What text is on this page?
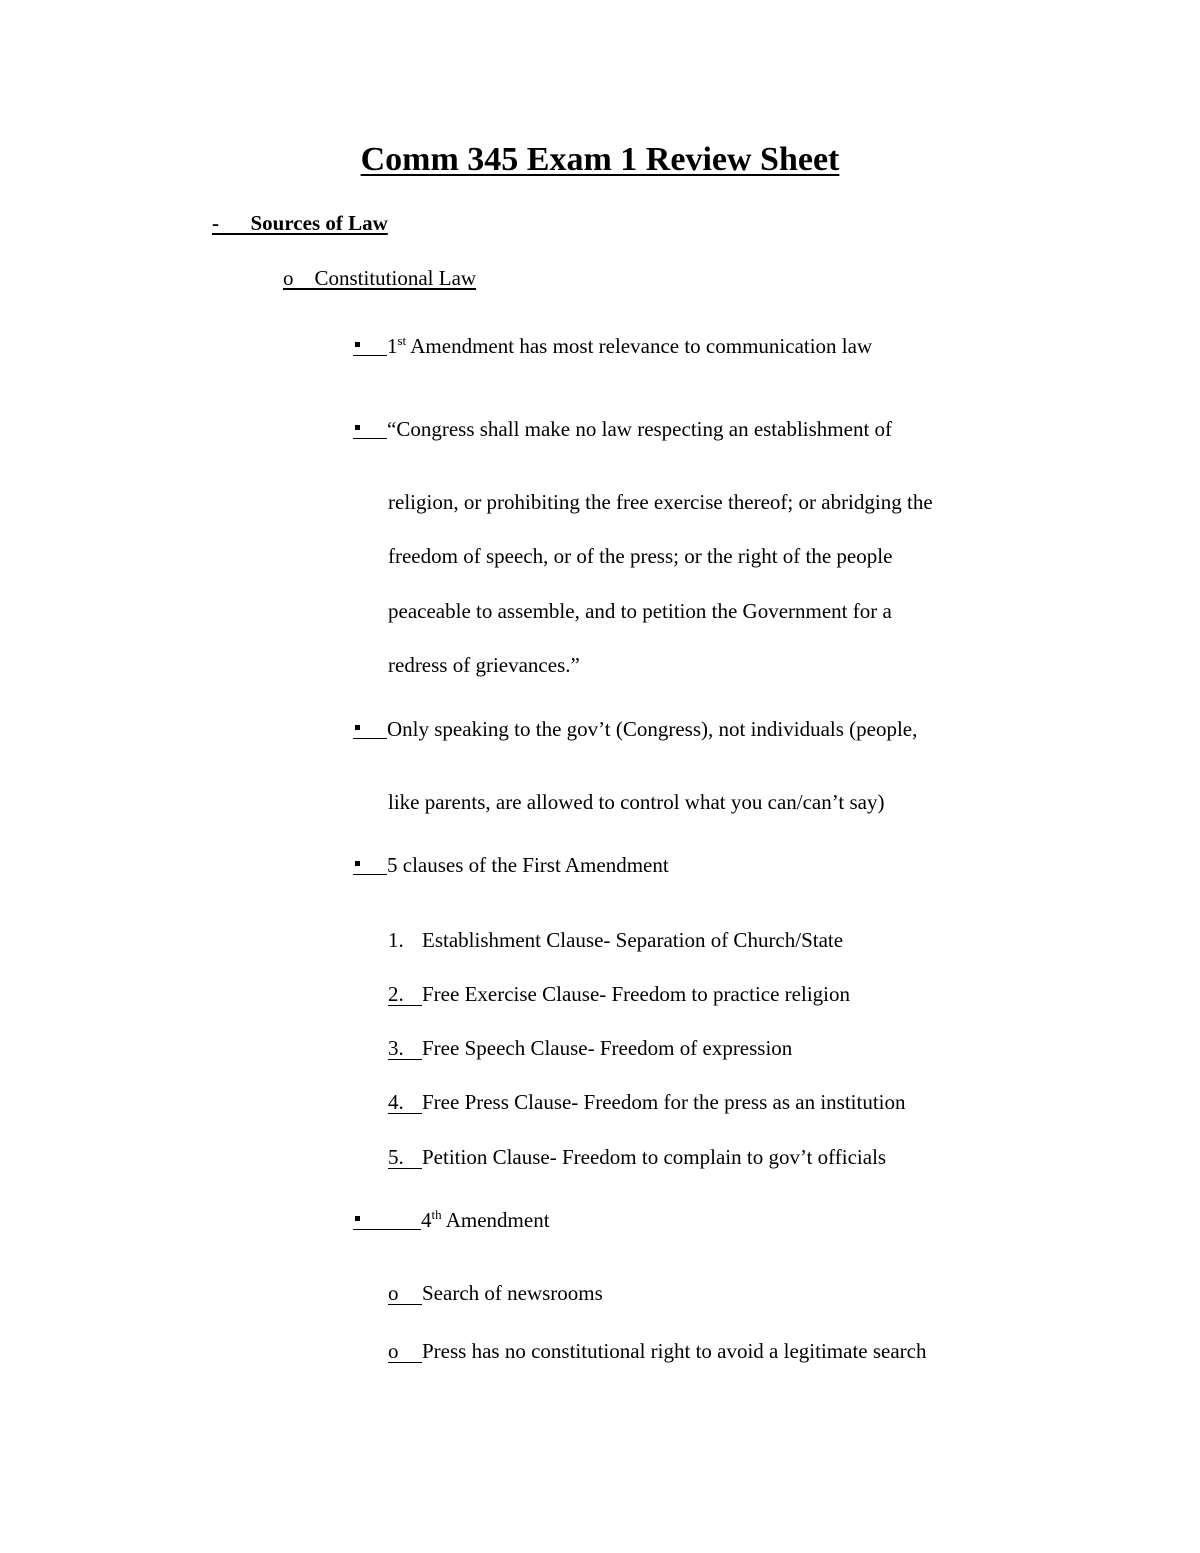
Comm 345 Exam 1 Review Sheet
- Sources of Law
o Constitutional Law
1st Amendment has most relevance to communication law
“Congress shall make no law respecting an establishment of
religion, or prohibiting the free exercise thereof; or abridging the
freedom of speech, or of the press; or the right of the people
peaceable to assemble, and to petition the Government for a
redress of grievances.”
Only speaking to the gov’t (Congress), not individuals (people,
like parents, are allowed to control what you can/can’t say)
5 clauses of the First Amendment
1. Establishment Clause- Separation of Church/State
2. Free Exercise Clause- Freedom to practice religion
3. Free Speech Clause- Freedom of expression
4. Free Press Clause- Freedom for the press as an institution
5. Petition Clause- Freedom to complain to gov’t officials
4th Amendment
o Search of newsrooms
o Press has no constitutional right to avoid a legitimate search
